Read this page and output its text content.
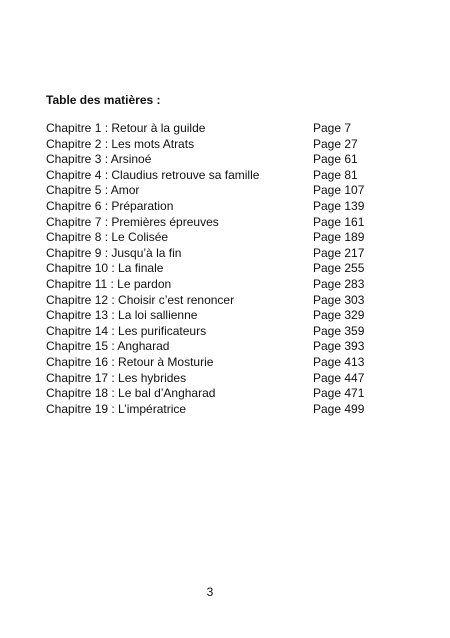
Table des matières :
Chapitre 1 : Retour à la guilde	Page 7
Chapitre 2 : Les mots Atrats	Page 27
Chapitre 3 : Arsinoé	Page 61
Chapitre 4 : Claudius retrouve sa famille	Page 81
Chapitre 5 : Amor	Page 107
Chapitre 6 : Préparation	Page 139
Chapitre 7 : Premières épreuves	Page 161
Chapitre 8 : Le Colisée	Page 189
Chapitre 9 : Jusqu’à la fin	Page 217
Chapitre 10 : La finale	Page 255
Chapitre 11 : Le pardon	Page 283
Chapitre 12 : Choisir c’est renoncer	Page 303
Chapitre 13 : La loi sallienne	Page 329
Chapitre 14 : Les purificateurs	Page 359
Chapitre 15 : Angharad	Page 393
Chapitre 16 : Retour à Mosturie	Page 413
Chapitre 17 : Les hybrides	Page 447
Chapitre 18 : Le bal d’Angharad	Page 471
Chapitre 19 : L’impératrice	Page 499
3
